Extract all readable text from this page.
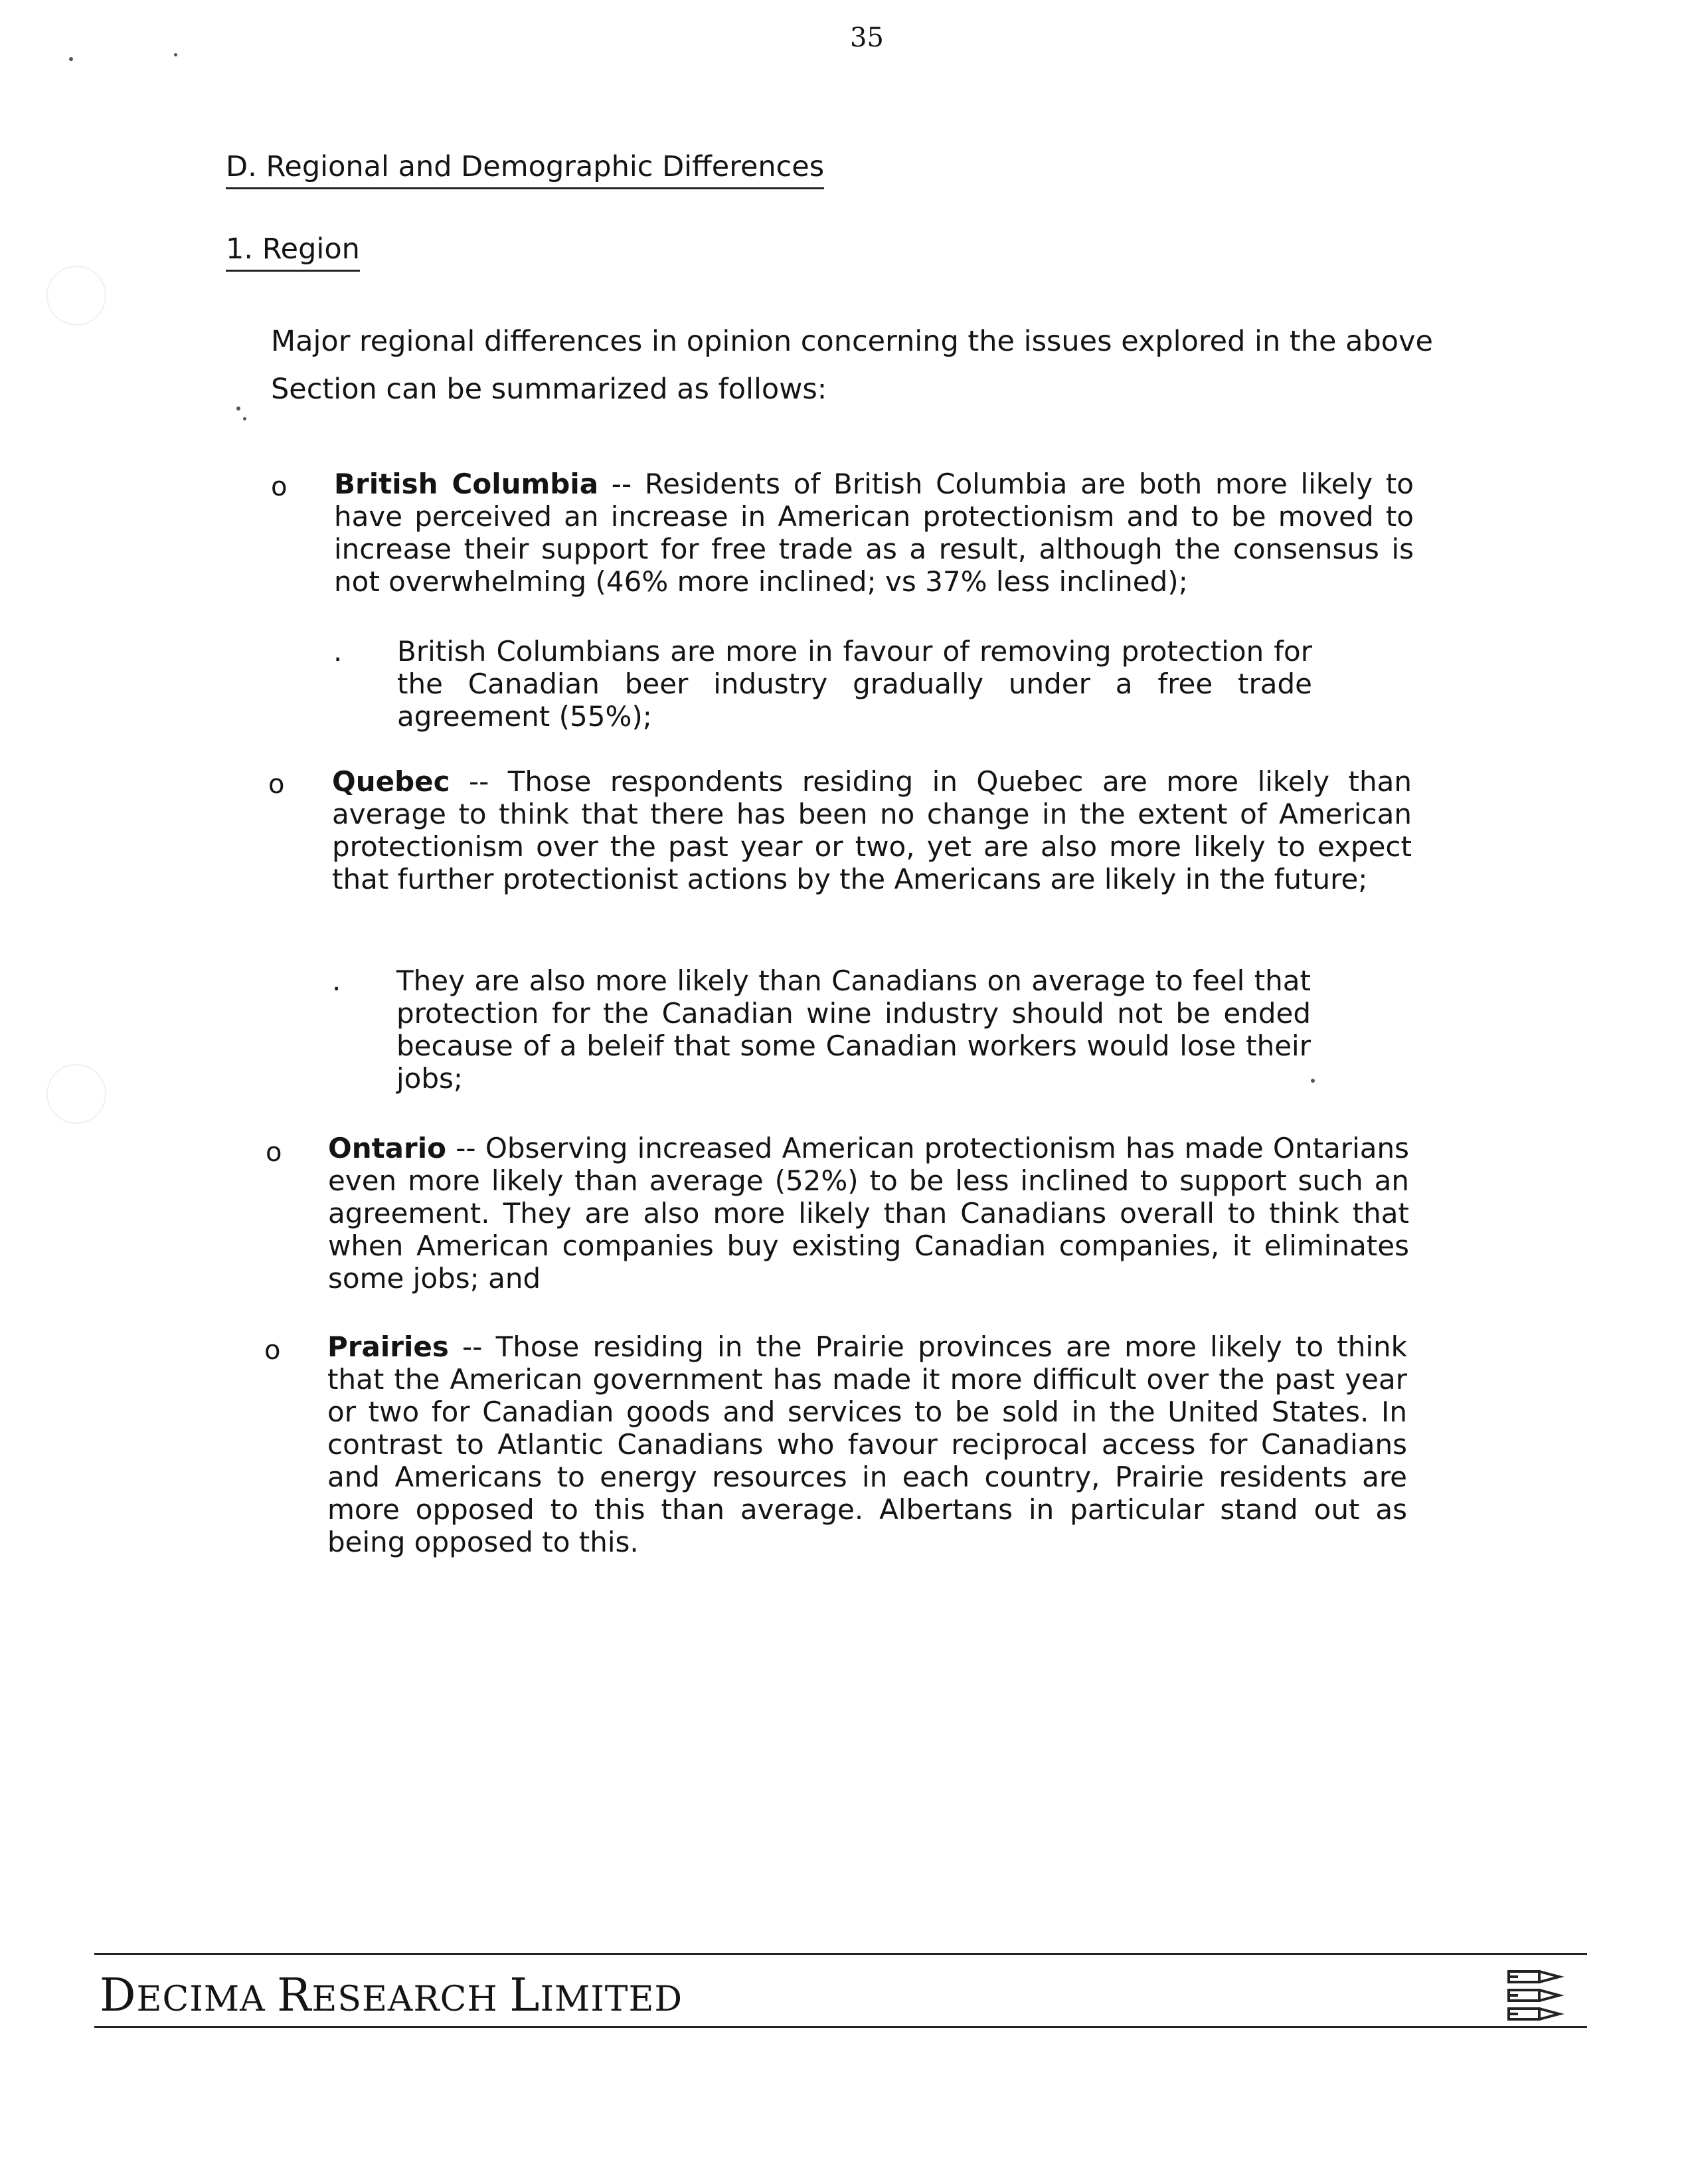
35
D. Regional and Demographic Differences
1. Region
Major regional differences in opinion concerning the issues explored in the above Section can be summarized as follows:
o British Columbia -- Residents of British Columbia are both more likely to have perceived an increase in American protectionism and to be moved to increase their support for free trade as a result, although the consensus is not overwhelming (46% more inclined; vs 37% less inclined);
. British Columbians are more in favour of removing protection for the Canadian beer industry gradually under a free trade agreement (55%);
o Quebec -- Those respondents residing in Quebec are more likely than average to think that there has been no change in the extent of American protectionism over the past year or two, yet are also more likely to expect that further protectionist actions by the Americans are likely in the future;
. They are also more likely than Canadians on average to feel that protection for the Canadian wine industry should not be ended because of a beleif that some Canadian workers would lose their jobs;
o Ontario -- Observing increased American protectionism has made Ontarians even more likely than average (52%) to be less inclined to support such an agreement. They are also more likely than Canadians overall to think that when American companies buy existing Canadian companies, it eliminates some jobs; and
o Prairies -- Those residing in the Prairie provinces are more likely to think that the American government has made it more difficult over the past year or two for Canadian goods and services to be sold in the United States. In contrast to Atlantic Canadians who favour reciprocal access for Canadians and Americans to energy resources in each country, Prairie residents are more opposed to this than average. Albertans in particular stand out as being opposed to this.
DECIMA RESEARCH LIMITED
